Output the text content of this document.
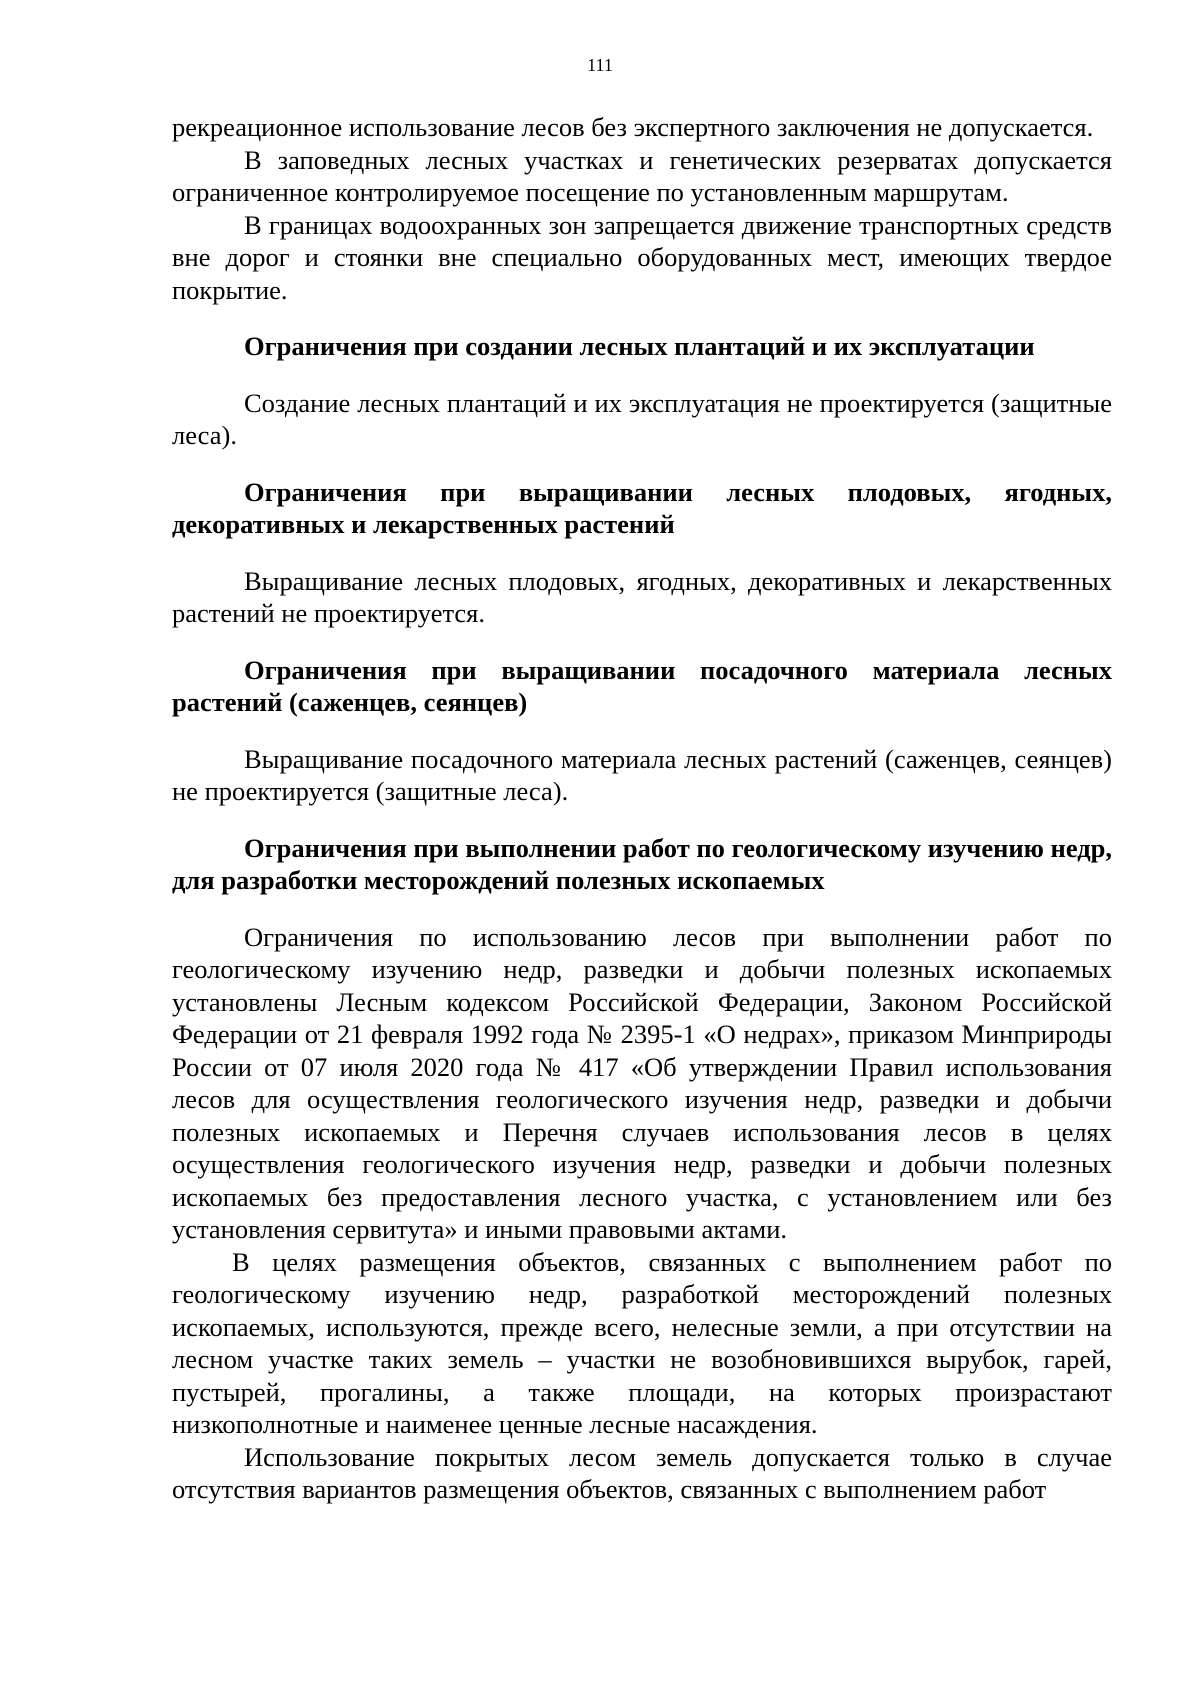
111

рекреационное использование лесов без экспертного заключения не допускается.

В заповедных лесных участках и генетических резерватах допускается ограниченное контролируемое посещение по установленным маршрутам.

В границах водоохранных зон запрещается движение транспортных средств вне дорог и стоянки вне специально оборудованных мест, имеющих твердое покрытие.

Ограничения при создании лесных плантаций и их эксплуатации

Создание лесных плантаций и их эксплуатация не проектируется (защитные леса).

Ограничения при выращивании лесных плодовых, ягодных, декоративных и лекарственных растений

Выращивание лесных плодовых, ягодных, декоративных и лекарственных растений не проектируется.

Ограничения при выращивании посадочного материала лесных растений (саженцев, сеянцев)

Выращивание посадочного материала лесных растений (саженцев, сеянцев) не проектируется (защитные леса).

Ограничения при выполнении работ по геологическому изучению недр, для разработки месторождений полезных ископаемых

Ограничения по использованию лесов при выполнении работ по геологическому изучению недр, разведки и добычи полезных ископаемых установлены Лесным кодексом Российской Федерации, Законом Российской Федерации от 21 февраля 1992 года № 2395-1 «О недрах», приказом Минприроды России от 07 июля 2020 года № 417 «Об утверждении Правил использования лесов для осуществления геологического изучения недр, разведки и добычи полезных ископаемых и Перечня случаев использования лесов в целях осуществления геологического изучения недр, разведки и добычи полезных ископаемых без предоставления лесного участка, с установлением или без установления сервитута» и иными правовыми актами.

В целях размещения объектов, связанных с выполнением работ по геологическому изучению недр, разработкой месторождений полезных ископаемых, используются, прежде всего, нелесные земли, а при отсутствии на лесном участке таких земель – участки не возобновившихся вырубок, гарей, пустырей, прогалины, а также площади, на которых произрастают низкополнотные и наименее ценные лесные насаждения.

Использование покрытых лесом земель допускается только в случае отсутствия вариантов размещения объектов, связанных с выполнением работ
